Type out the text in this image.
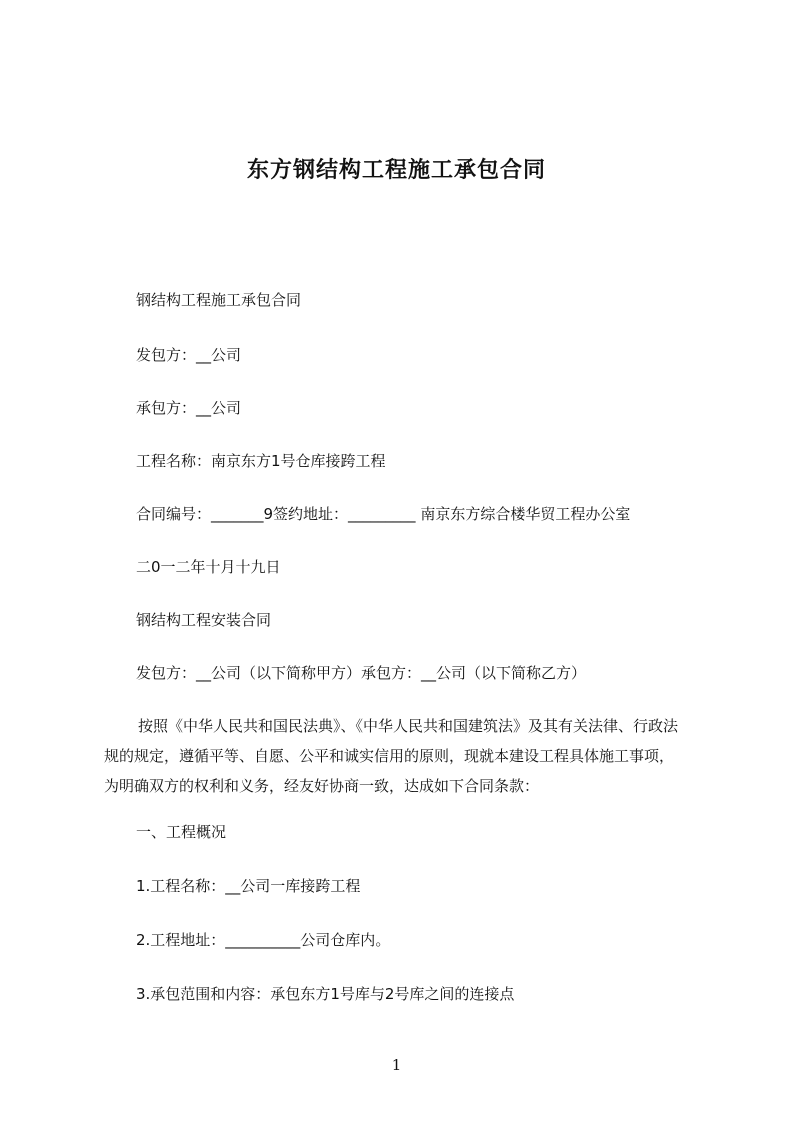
东方钢结构工程施工承包合同
钢结构工程施工承包合同
发包方：__公司
承包方：__公司
工程名称：南京东方1号仓库接跨工程
合同编号：_______9签约地址：_________ 南京东方综合楼华贸工程办公室
二0一二年十月十九日
钢结构工程安装合同
发包方：__公司（以下简称甲方）承包方：__公司（以下简称乙方）

按照《中华人民共和国民法典》、《中华人民共和国建筑法》及其有关法律、行政法规的规定，遵循平等、自愿、公平和诚实信用的原则，现就本建设工程具体施工事项，为明确双方的权利和义务，经友好协商一致，达成如下合同条款：

一、工程概况
1.工程名称：__公司一库接跨工程
2.工程地址：__________公司仓库内。
3.承包范围和内容：承包东方1号库与2号库之间的连接点
1
